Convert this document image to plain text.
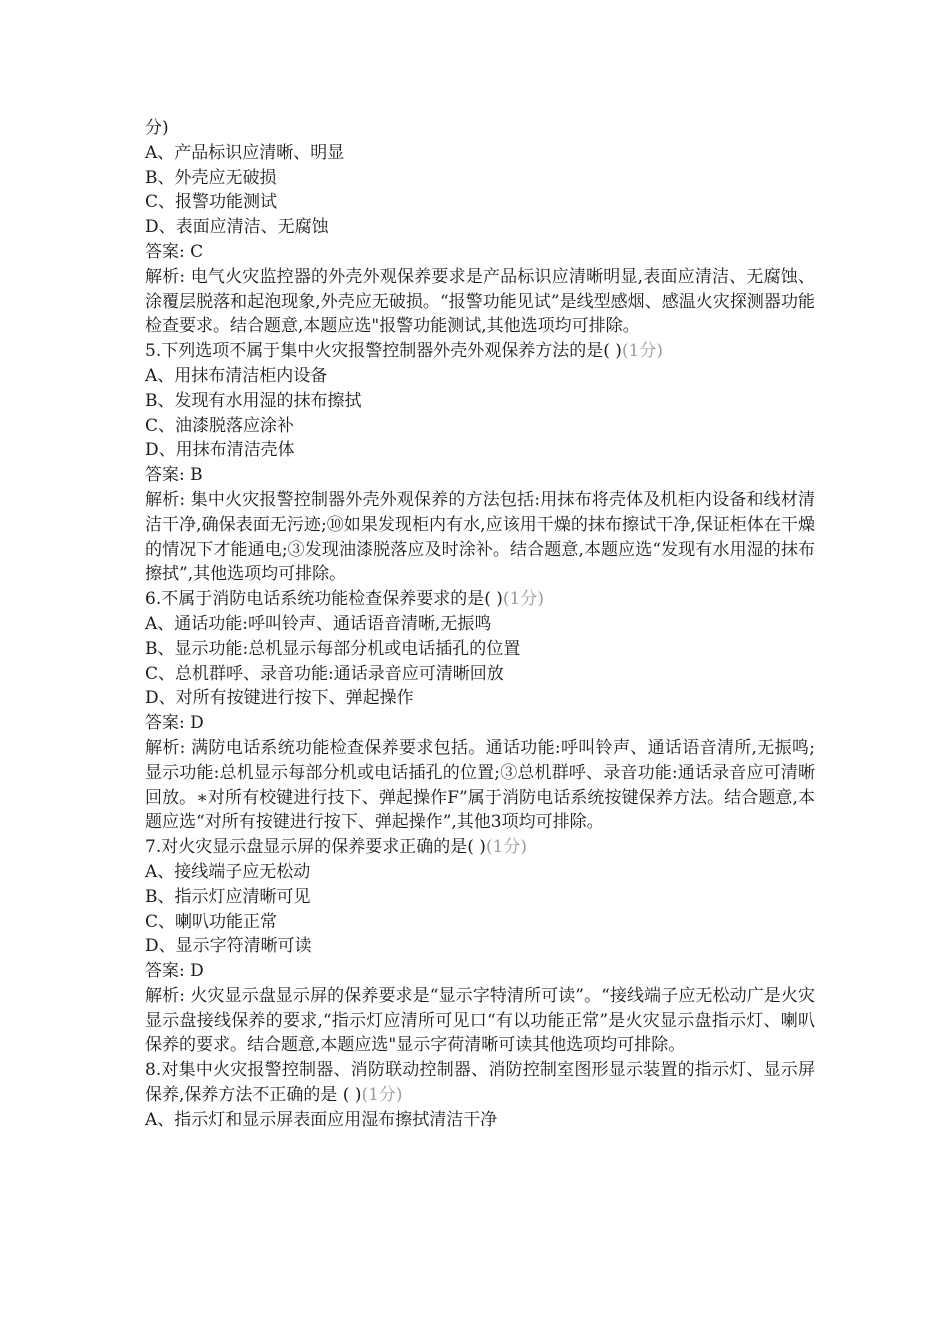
分)
A、产品标识应清晰、明显
B、外壳应无破损
C、报警功能测试
D、表面应清洁、无腐蚀
答案: C
解析: 电气火灾监控器的外壳外观保养要求是产品标识应清晰明显,表面应清洁、无腐蚀、涂覆层脱落和起泡现象,外壳应无破损。“报警功能见试”是线型感烟、感温火灾探测器功能检查要求。结合题意,本题应选"报警功能测试,其他选项均可排除。
5.下列选项不属于集中火灾报警控制器外壳外观保养方法的是( )(1分)
A、用抹布清洁柜内设备
B、发现有水用湿的抹布擦拭
C、油漆脱落应涂补
D、用抹布清洁壳体
答案: B
解析: 集中火灾报警控制器外壳外观保养的方法包括:用抹布将壳体及机柜内设备和线材清洁干净,确保表面无污迹;⑩如果发现柜内有水,应该用干燥的抹布擦试干净,保证柜体在干燥的情况下才能通电;③发现油漆脱落应及时涂补。结合题意,本题应选“发现有水用湿的抹布擦拭”,其他选项均可排除。
6.不属于消防电话系统功能检查保养要求的是( )(1分)
A、通话功能:呼叫铃声、通话语音清晰,无振鸣
B、显示功能:总机显示每部分机或电话插孔的位置
C、总机群呼、录音功能:通话录音应可清晰回放
D、对所有按键进行按下、弹起操作
答案: D
解析: 满防电话系统功能检查保养要求包括。通话功能:呼叫铃声、通话语音清所,无振鸣;显示功能:总机显示每部分机或电话插孔的位置;③总机群呼、录音功能:通话录音应可清晰回放。∗对所有校键进行技下、弹起操作F”属于消防电话系统按键保养方法。结合题意,本题应选“对所有按键进行按下、弹起操作”,其他3项均可排除。
7.对火灾显示盘显示屏的保养要求正确的是( )(1分)
A、接线端子应无松动
B、指示灯应清晰可见
C、喇叭功能正常
D、显示字符清晰可读
答案: D
解析: 火灾显示盘显示屏的保养要求是“显示字特清所可读”。“接线端子应无松动广是火灾显示盘接线保养的要求,“指示灯应清所可见口“有以功能正常”是火灾显示盘指示灯、喇叭保养的要求。结合题意,本题应选"显示字荷清晰可读其他选项均可排除。
8.对集中火灾报警控制器、消防联动控制器、消防控制室图形显示装置的指示灯、显示屏保养,保养方法不正确的是 ( )(1分)
A、指示灯和显示屏表面应用湿布擦拭清洁干净
